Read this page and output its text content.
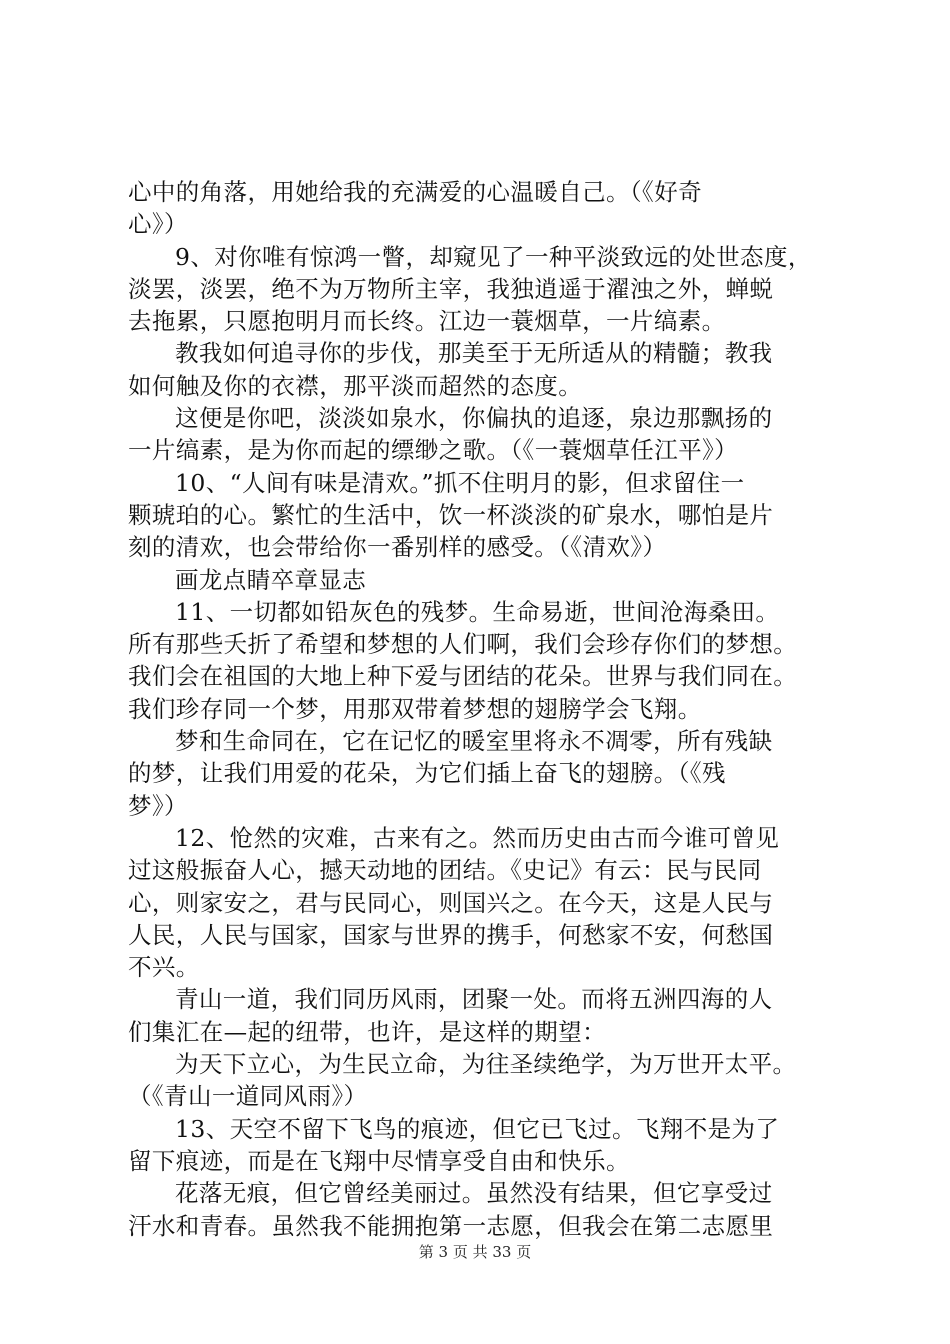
心中的角落，用她给我的充满爱的心温暖自己。（《好奇
心》）
9、对你唯有惊鸿一瞥，却窥见了一种平淡致远的处世态度，
淡罢，淡罢，绝不为万物所主宰，我独逍遥于濯浊之外，蝉蜕
去拖累，只愿抱明月而长终。江边一蓑烟草，一片缟素。
教我如何追寻你的步伐，那美至于无所适从的精髓；教我
如何触及你的衣襟，那平淡而超然的态度。
这便是你吧，淡淡如泉水，你偏执的追逐，泉边那飘扬的
一片缟素，是为你而起的缥缈之歌。（《一蓑烟草任江平》）
10、“人间有味是清欢。”抓不住明月的影，但求留住一
颗琥珀的心。繁忙的生活中，饮一杯淡淡的矿泉水，哪怕是片
刻的清欢，也会带给你一番别样的感受。（《清欢》）
画龙点睛卒章显志
11、一切都如铅灰色的残梦。生命易逝，世间沧海桑田。
所有那些夭折了希望和梦想的人们啊，我们会珍存你们的梦想。
我们会在祖国的大地上种下爱与团结的花朵。世界与我们同在。
我们珍存同一个梦，用那双带着梦想的翅膀学会飞翔。
梦和生命同在，它在记忆的暖室里将永不凋零，所有残缺
的梦，让我们用爱的花朵，为它们插上奋飞的翅膀。（《残
梦》）
12、怆然的灾难，古来有之。然而历史由古而今谁可曾见
过这般振奋人心，撼天动地的团结。《史记》有云：民与民同
心，则家安之，君与民同心，则国兴之。在今天，这是人民与
人民，人民与国家，国家与世界的携手，何愁家不安，何愁国
不兴。
青山一道，我们同历风雨，团聚一处。而将五洲四海的人
们集汇在—起的纽带，也许，是这样的期望：
为天下立心，为生民立命，为往圣续绝学，为万世开太平。
（《青山一道同风雨》）
13、天空不留下飞鸟的痕迹，但它已飞过。飞翔不是为了
留下痕迹，而是在飞翔中尽情享受自由和快乐。
花落无痕，但它曾经美丽过。虽然没有结果，但它享受过
汗水和青春。虽然我不能拥抱第一志愿，但我会在第二志愿里
第 3 页 共 33 页
